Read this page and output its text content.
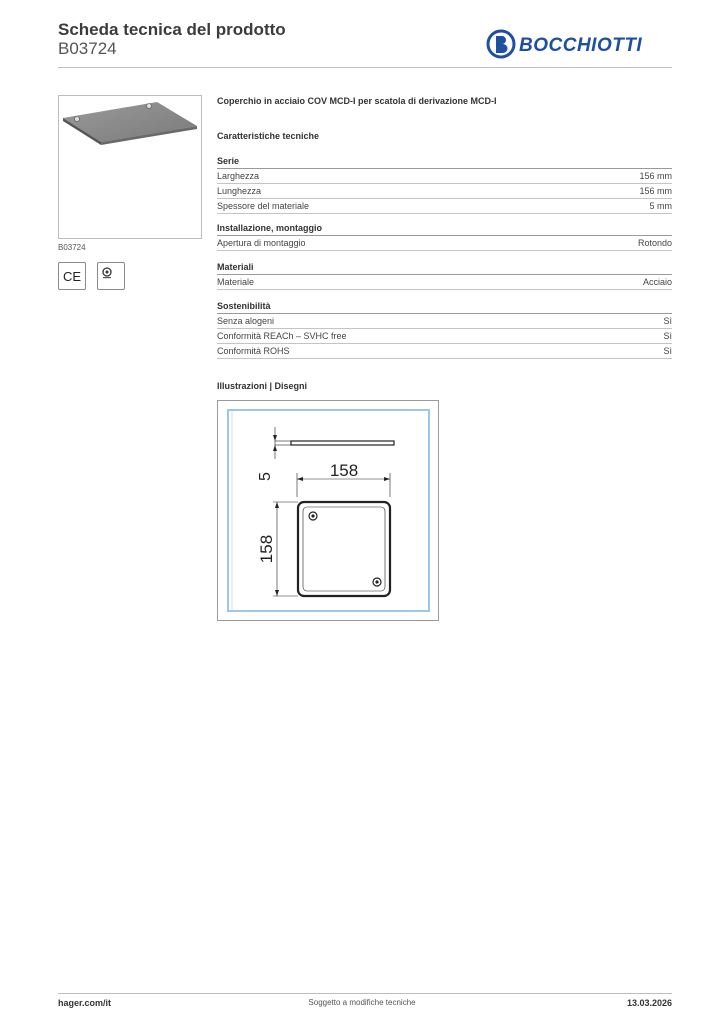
Scheda tecnica del prodotto
B03724	BOCCHIOTTI
B03724
CE
Coperchio in acciaio COV MCD-I per scatola di derivazione MCD-I
Caratteristiche tecniche
Serie
Larghezza	156 mm
Lunghezza	156 mm
Spessore del materiale	5 mm
Installazione, montaggio
Apertura di montaggio	Rotondo
Materiali
Materiale	Acciaio
Sostenibilità
Senza alogeni	Sì
Conformità REACh – SVHC free	Sì
Conformità ROHS	Sì
Illustrazioni | Disegni
5	158
158
hager.com/it	Soggetto a modifiche tecniche	13.03.2026
